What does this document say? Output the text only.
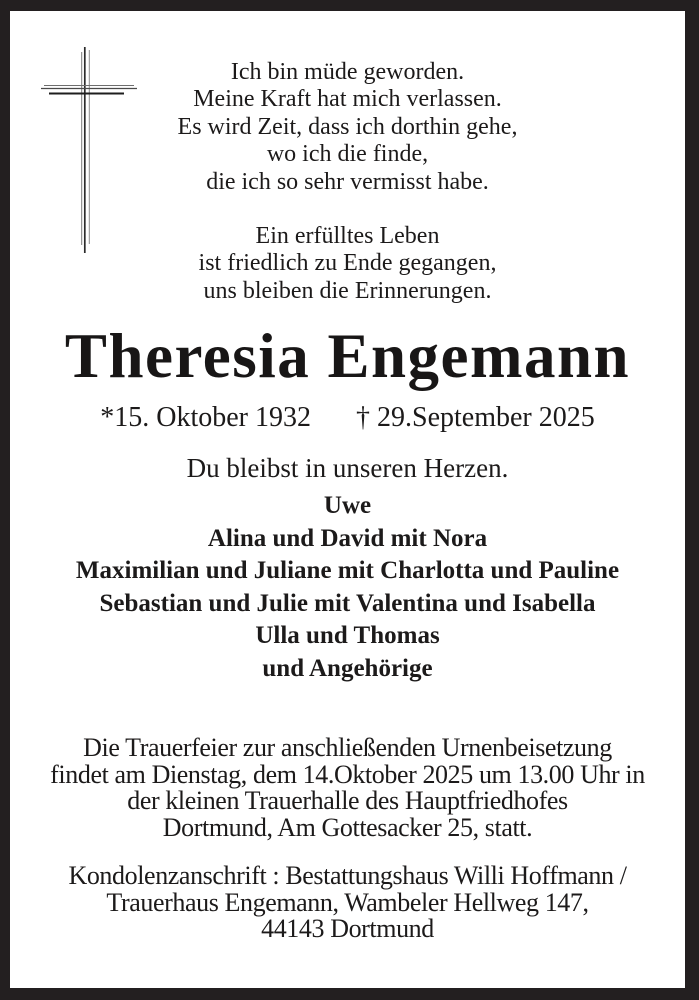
Ich bin müde geworden.
Meine Kraft hat mich verlassen.
Es wird Zeit, dass ich dorthin gehe,
wo ich die finde,
die ich so sehr vermisst habe.
Ein erfülltes Leben
ist friedlich zu Ende gegangen,
uns bleiben die Erinnerungen.
Theresia Engemann
*15. Oktober 1932 † 29.September 2025
Du bleibst in unseren Herzen.
Uwe
Alina und David mit Nora
Maximilian und Juliane mit Charlotta und Pauline
Sebastian und Julie mit Valentina und Isabella
Ulla und Thomas
und Angehörige
Die Trauerfeier zur anschließenden Urnenbeisetzung
findet am Dienstag, dem 14.Oktober 2025 um 13.00 Uhr in
der kleinen Trauerhalle des Hauptfriedhofes
Dortmund, Am Gottesacker 25, statt.
Kondolenzanschrift : Bestattungshaus Willi Hoffmann /
Trauerhaus Engemann, Wambeler Hellweg 147,
44143 Dortmund
